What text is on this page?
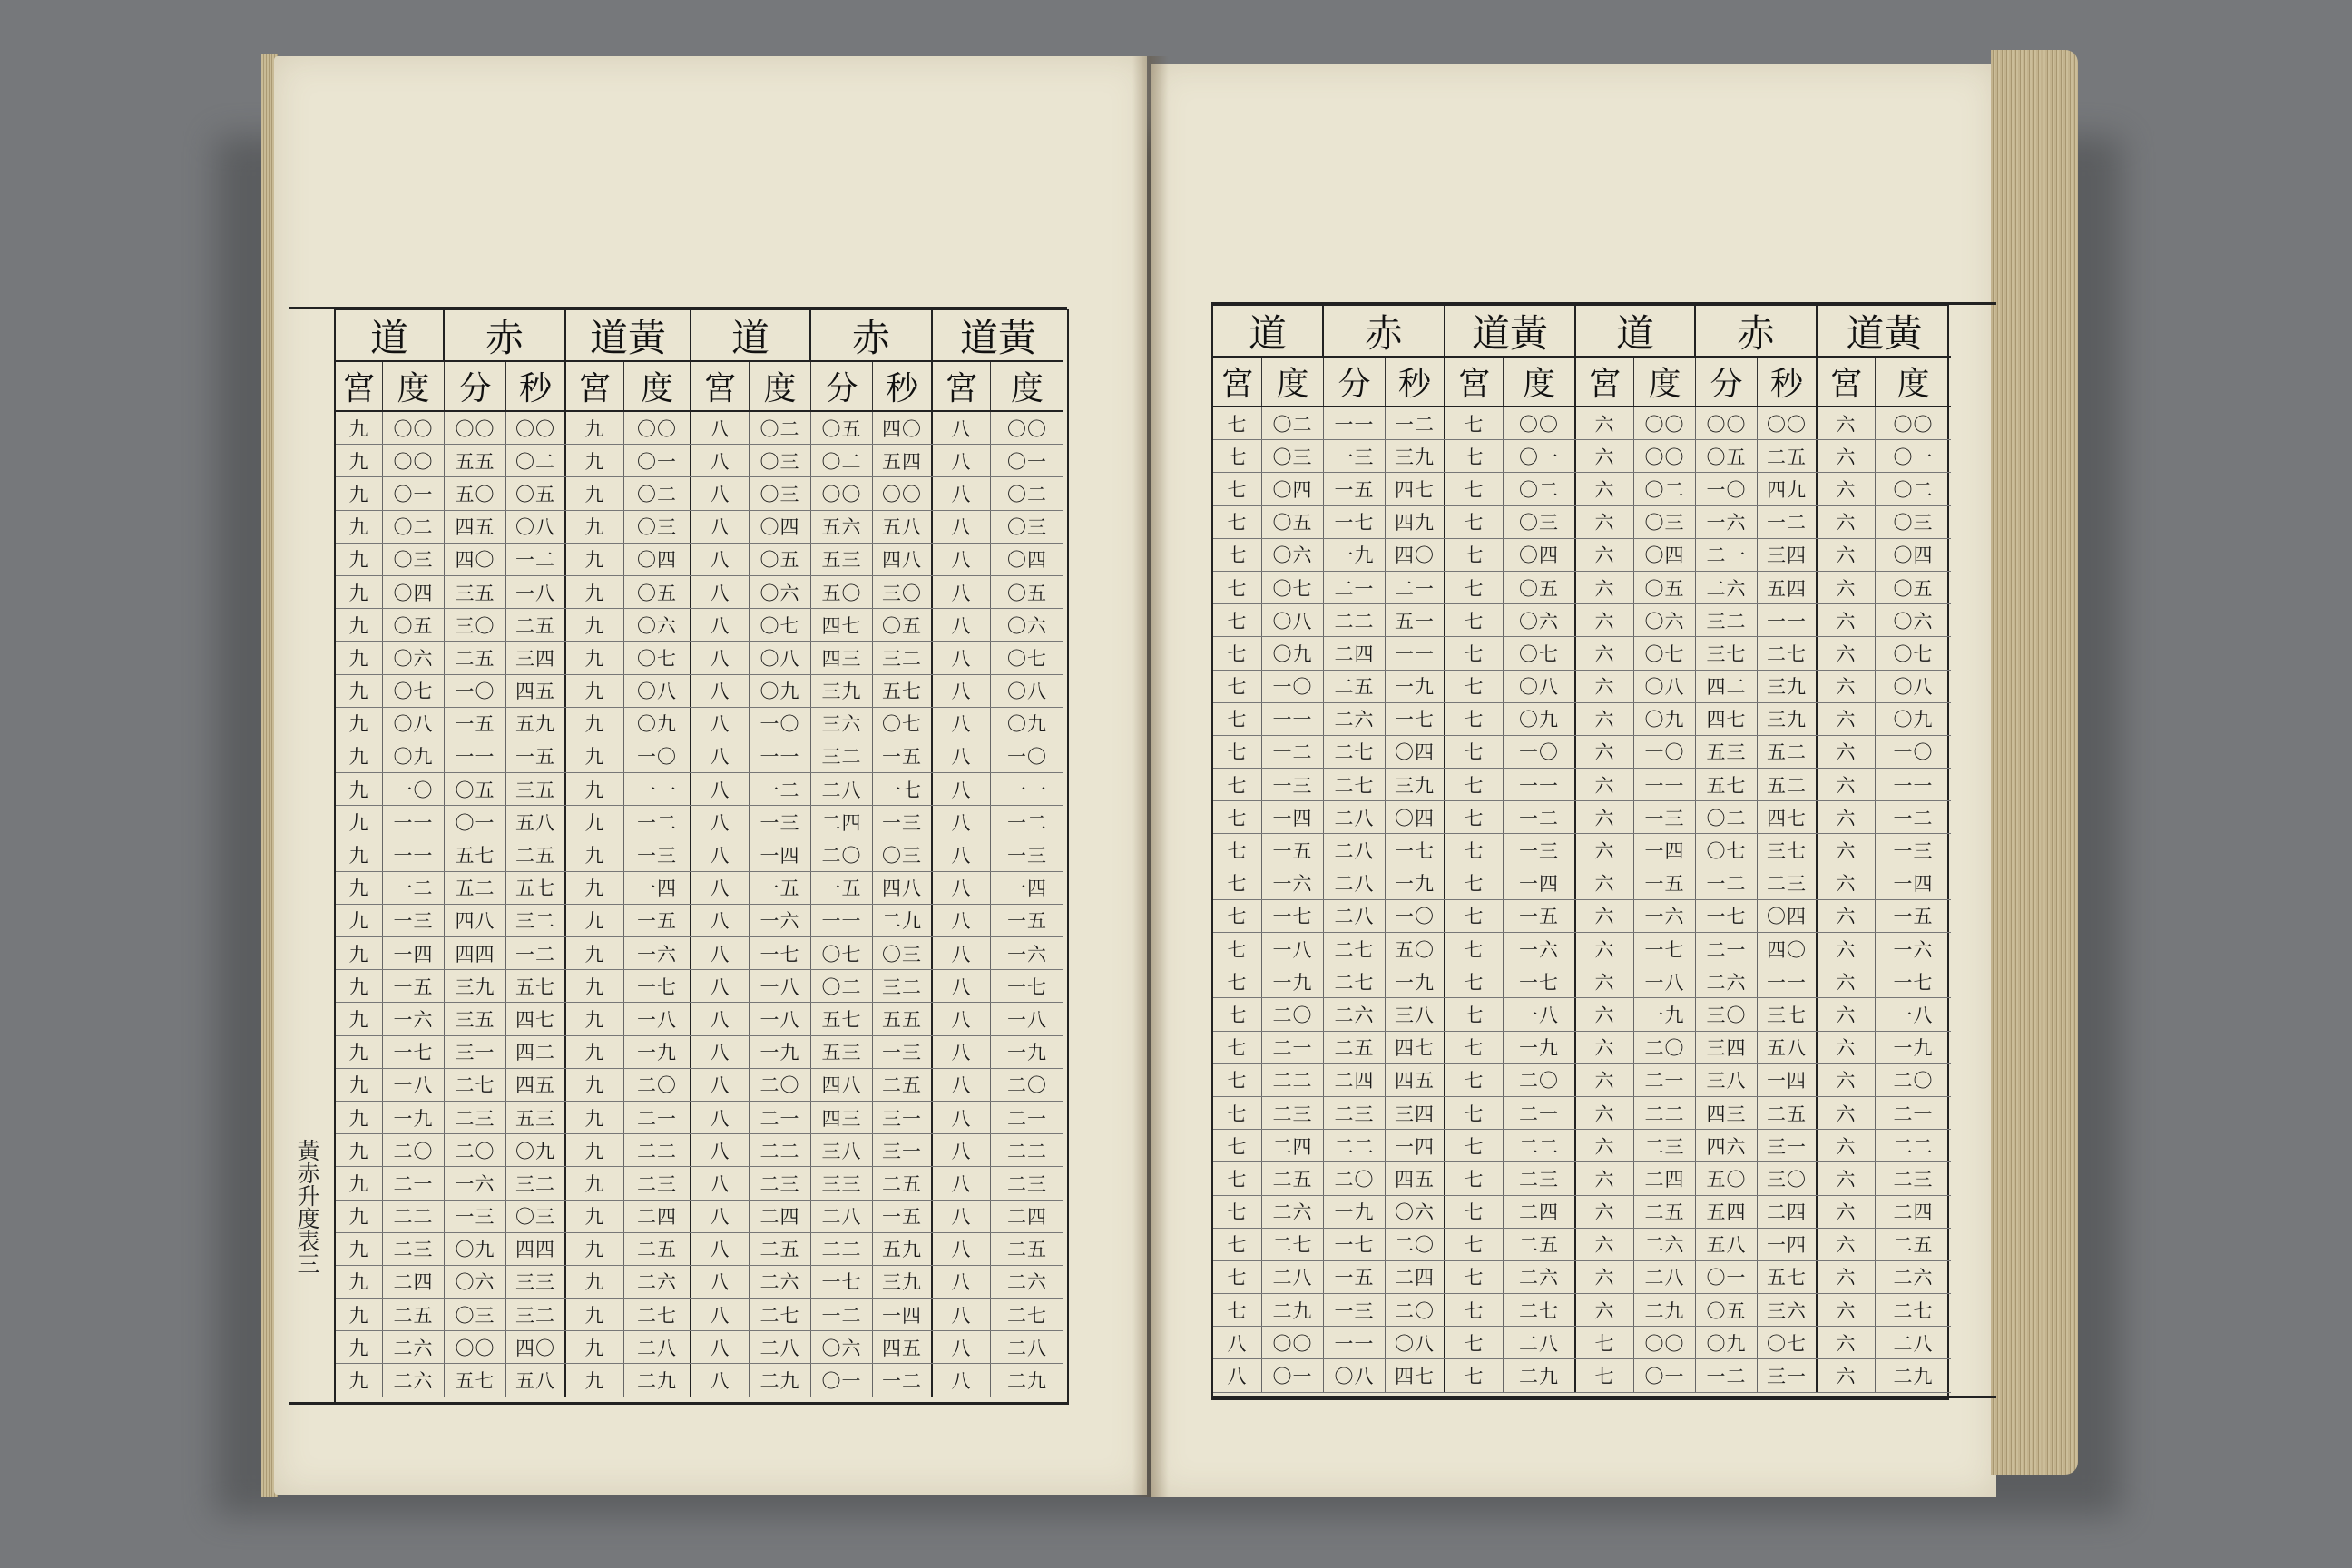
黃赤升度表三
道	赤	道黃	道	赤	道黃
宮 度 分 秒 宮 度 宮 度 分 秒 宮	度
九	〇〇	〇〇	〇〇	九	〇〇	八	〇二	〇五	四〇	八	〇〇
九	〇〇	五五	〇二	九	〇一	八	〇三	〇二	五四	八	〇一
九	〇一	五〇	〇五	九	〇二	八	〇三	〇〇	〇〇	八	〇二
九	〇二	四五	〇八	九	〇三	八	〇四	五六	五八	八	〇三
九	〇三	四〇	一二	九	〇四	八	〇五	五三	四八	八	〇四
九	〇四	三五	一八	九	〇五	八	〇六	五〇	三〇	八	〇五
九	〇五	三〇	二五	九	〇六	八	〇七	四七	〇五	八	〇六
九	〇六	二五	三四	九	〇七	八	〇八	四三	三二	八	〇七
九	〇七	一〇	四五	九	〇八	八	〇九	三九	五七	八	〇八
九	〇八	一五	五九	九	〇九	八	一〇	三六	〇七	八	〇九
九	〇九	一一	一五	九	一〇	八	一一	三二	一五	八	一〇
九	一〇	〇五	三五	九	一一	八	一二	二八	一七	八	一一
九	一一	〇一	五八	九	一二	八	一三	二四	一三	八	一二
九	一一	五七	二五	九	一三	八	一四	二〇	〇三	八	一三
九	一二	五二	五七	九	一四	八	一五	一五	四八	八	一四
九	一三	四八	三二	九	一五	八	一六	一一	二九	八	一五
九	一四	四四	一二	九	一六	八	一七	〇七	〇三	八	一六
九	一五	三九	五七	九	一七	八	一八	〇二	三二	八	一七
九	一六	三五	四七	九	一八	八	一八	五七	五五	八	一八
九	一七	三一	四二	九	一九	八	一九	五三	一三	八	一九
九	一八	二七	四五	九	二〇	八	二〇	四八	二五	八	二〇
九	一九	二三	五三	九	二一	八	二一	四三	三一	八	二一
九	二〇	二〇	〇九	九	二二	八	二二	三八	三一	八	二二
九	二一	一六	三二	九	二三	八	二三	三三	二五	八	二三
九	二二	一三	〇三	九	二四	八	二四	二八	一五	八	二四
九	二三	〇九	四四	九	二五	八	二五	二二	五九	八	二五
九	二四	〇六	三三	九	二六	八	二六	一七	三九	八	二六
九	二五	〇三	三二	九	二七	八	二七	一二	一四	八	二七
九	二六	〇〇	四〇	九	二八	八	二八	〇六	四五	八	二八
九	二六	五七	五八	九	二九	八	二九	〇一	一二	八	二九
道	赤	道黃	道	赤	道黃
宮 度 分 秒 宮 度	宮 度 分 秒 宮	度
七	〇二	一一	一二	七	〇〇	六	〇〇	〇〇	〇〇	六	〇〇
七	〇三	一三	三九	七	〇一	六	〇〇	〇五	二五	六	〇一
七	〇四	一五	四七	七	〇二	六	〇二	一〇	四九	六	〇二
七	〇五	一七	四九	七	〇三	六	〇三	一六	一二	六	〇三
七	〇六	一九	四〇	七	〇四	六	〇四	二一	三四	六	〇四
七	〇七	二一	二一	七	〇五	六	〇五	二六	五四	六	〇五
七	〇八	二二	五一	七	〇六	六	〇六	三二	一一	六	〇六
七	〇九	二四	一一	七	〇七	六	〇七	三七	二七	六	〇七
七	一〇	二五	一九	七	〇八	六	〇八	四二	三九	六	〇八
七	一一	二六	一七	七	〇九	六	〇九	四七	三九	六	〇九
七	一二	二七	〇四	七	一〇	六	一〇	五三	五二	六	一〇
七	一三	二七	三九	七	一一	六	一一	五七	五二	六	一一
七	一四	二八	〇四	七	一二	六	一三	〇二	四七	六	一二
七	一五	二八	一七	七	一三	六	一四	〇七	三七	六	一三
七	一六	二八	一九	七	一四	六	一五	一二	二三	六	一四
七	一七	二八	一〇	七	一五	六	一六	一七	〇四	六	一五
七	一八	二七	五〇	七	一六	六	一七	二一	四〇	六	一六
七	一九	二七	一九	七	一七	六	一八	二六	一一	六	一七
七	二〇	二六	三八	七	一八	六	一九	三〇	三七	六	一八
七	二一	二五	四七	七	一九	六	二〇	三四	五八	六	一九
七	二二	二四	四五	七	二〇	六	二一	三八	一四	六	二〇
七	二三	二三	三四	七	二一	六	二二	四三	二五	六	二一
七	二四	二二	一四	七	二二	六	二三	四六	三一	六	二二
七	二五	二〇	四五	七	二三	六	二四	五〇	三〇	六	二三
七	二六	一九	〇六	七	二四	六	二五	五四	二四	六	二四
七	二七	一七	二〇	七	二五	六	二六	五八	一四	六	二五
七	二八	一五	二四	七	二六	六	二八	〇一	五七	六	二六
七	二九	一三	二〇	七	二七	六	二九	〇五	三六	六	二七
八	〇〇	一一	〇八	七	二八	七	〇〇	〇九	〇七	六	二八
八	〇一	〇八	四七	七	二九	七	〇一	一二	三一	六	二九
